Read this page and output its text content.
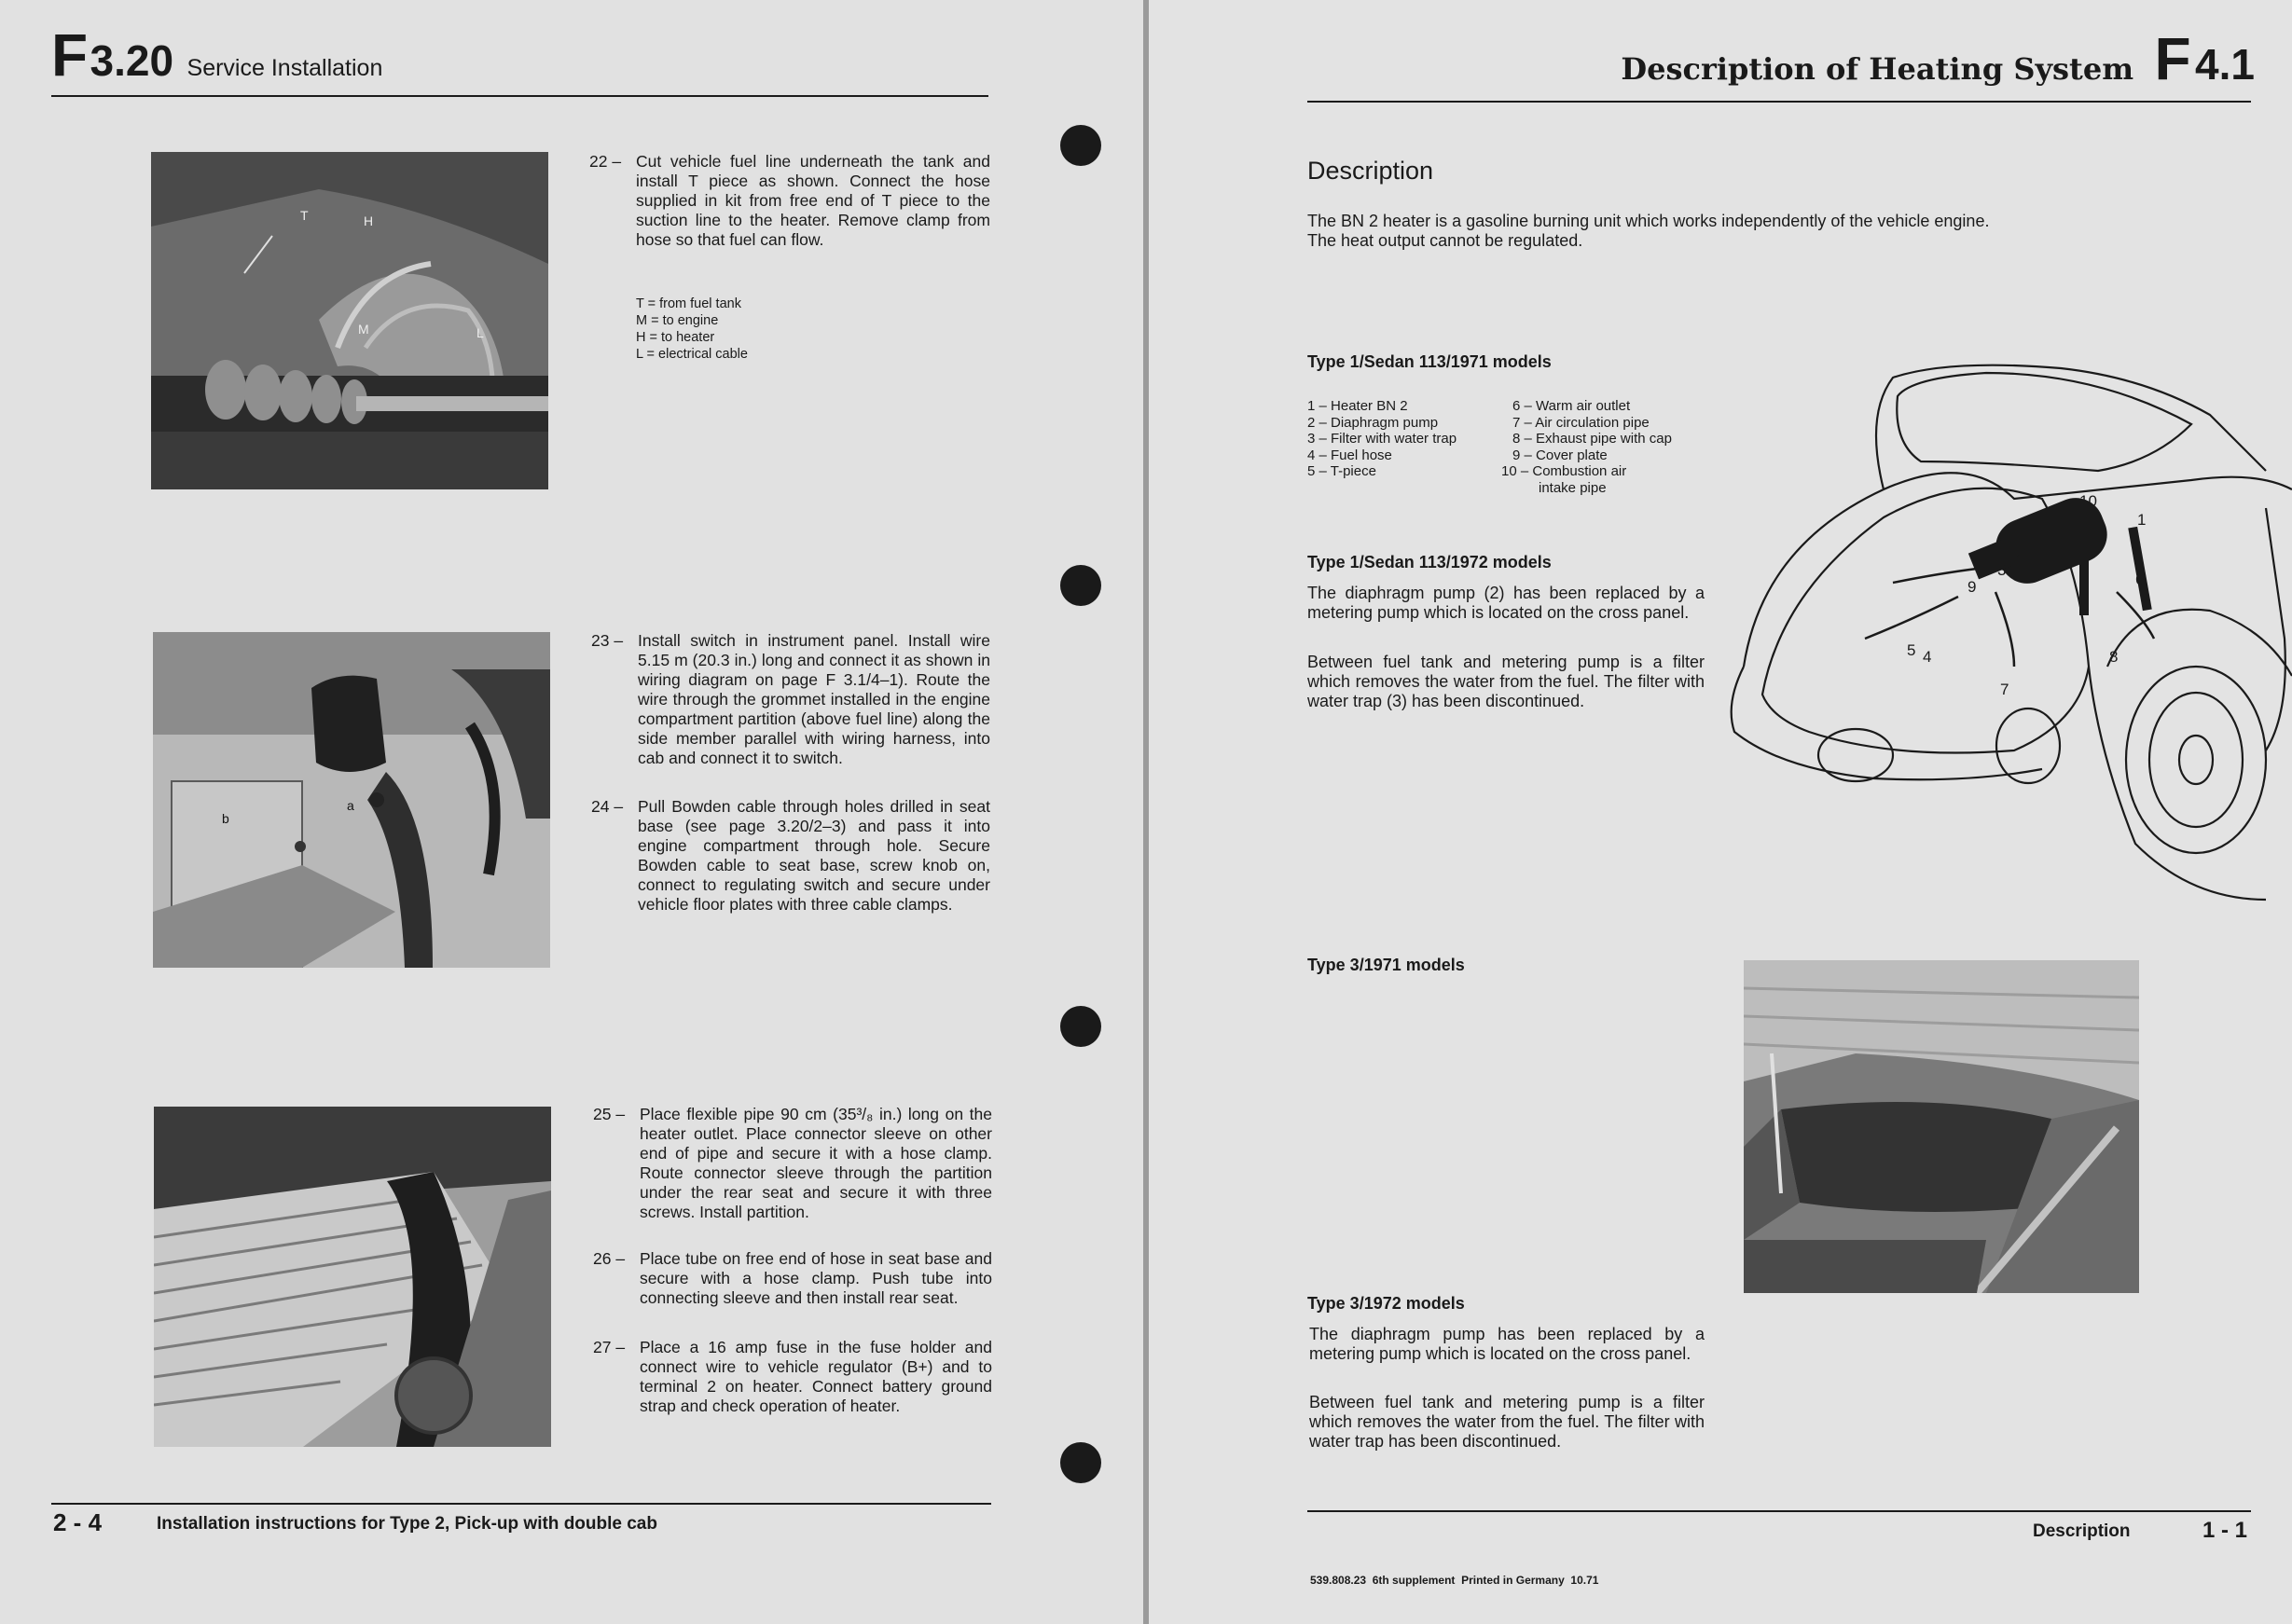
F 3.20 Service Installation
T	H
M	L
22 – Cut vehicle fuel line underneath the tank and install T piece as shown. Connect the hose supplied in kit from free end of T piece to the suction line to the heater. Remove clamp from hose so that fuel can flow.
T = from fuel tank
M = to engine
H = to heater
L = electrical cable
b
a
23 – Install switch in instrument panel. Install wire 5.15 m (20.3 in.) long and connect it as shown in wiring diagram on page F 3.1/4–1). Route the wire through the grommet installed in the engine compartment partition (above fuel line) along the side member parallel with wiring harness, into cab and connect it to switch.
24 – Pull Bowden cable through holes drilled in seat base (see page 3.20/2–3) and pass it into engine compartment through hole. Secure Bowden cable to seat base, screw knob on, connect to regulating switch and secure under vehicle floor plates with three cable clamps.
25 – Place flexible pipe 90 cm (35³/₈ in.) long on the heater outlet. Place connector sleeve on other end of pipe and secure it with a hose clamp. Route connector sleeve through the partition under the rear seat and secure it with three screws. Install partition.
26 – Place tube on free end of hose in seat base and secure with a hose clamp. Push tube into connecting sleeve and then install rear seat.
27 – Place a 16 amp fuse in the fuse holder and connect wire to vehicle regulator (B+) and to terminal 2 on heater. Connect battery ground strap and check operation of heater.
2 - 4	Installation instructions for Type 2, Pick-up with double cab
Description of Heating System F 4.1
Description
The BN 2 heater is a gasoline burning unit which works independently of the vehicle engine.
The heat output cannot be regulated.
Type 1/Sedan 113/1971 models
1 – Heater BN 2
2 – Diaphragm pump
3 – Filter with water trap
4 – Fuel hose
5 – T-piece
6 – Warm air outlet
7 – Air circulation pipe
8 – Exhaust pipe with cap
9 – Cover plate
10 – Combustion air
intake pipe
Type 1/Sedan 113/1972 models
The diaphragm pump (2) has been replaced by a metering pump which is located on the cross panel.
Between fuel tank and metering pump is a filter which removes the water from the fuel. The filter with water trap (3) has been discontinued.
10
1
2
3
9	6
5 4
7
8
Type 3/1971 models
Type 3/1972 models
The diaphragm pump has been replaced by a metering pump which is located on the cross panel.
Between fuel tank and metering pump is a filter which removes the water from the fuel. The filter with water trap has been discontinued.
Description	1 - 1
539.808.23  6th supplement  Printed in Germany  10.71
